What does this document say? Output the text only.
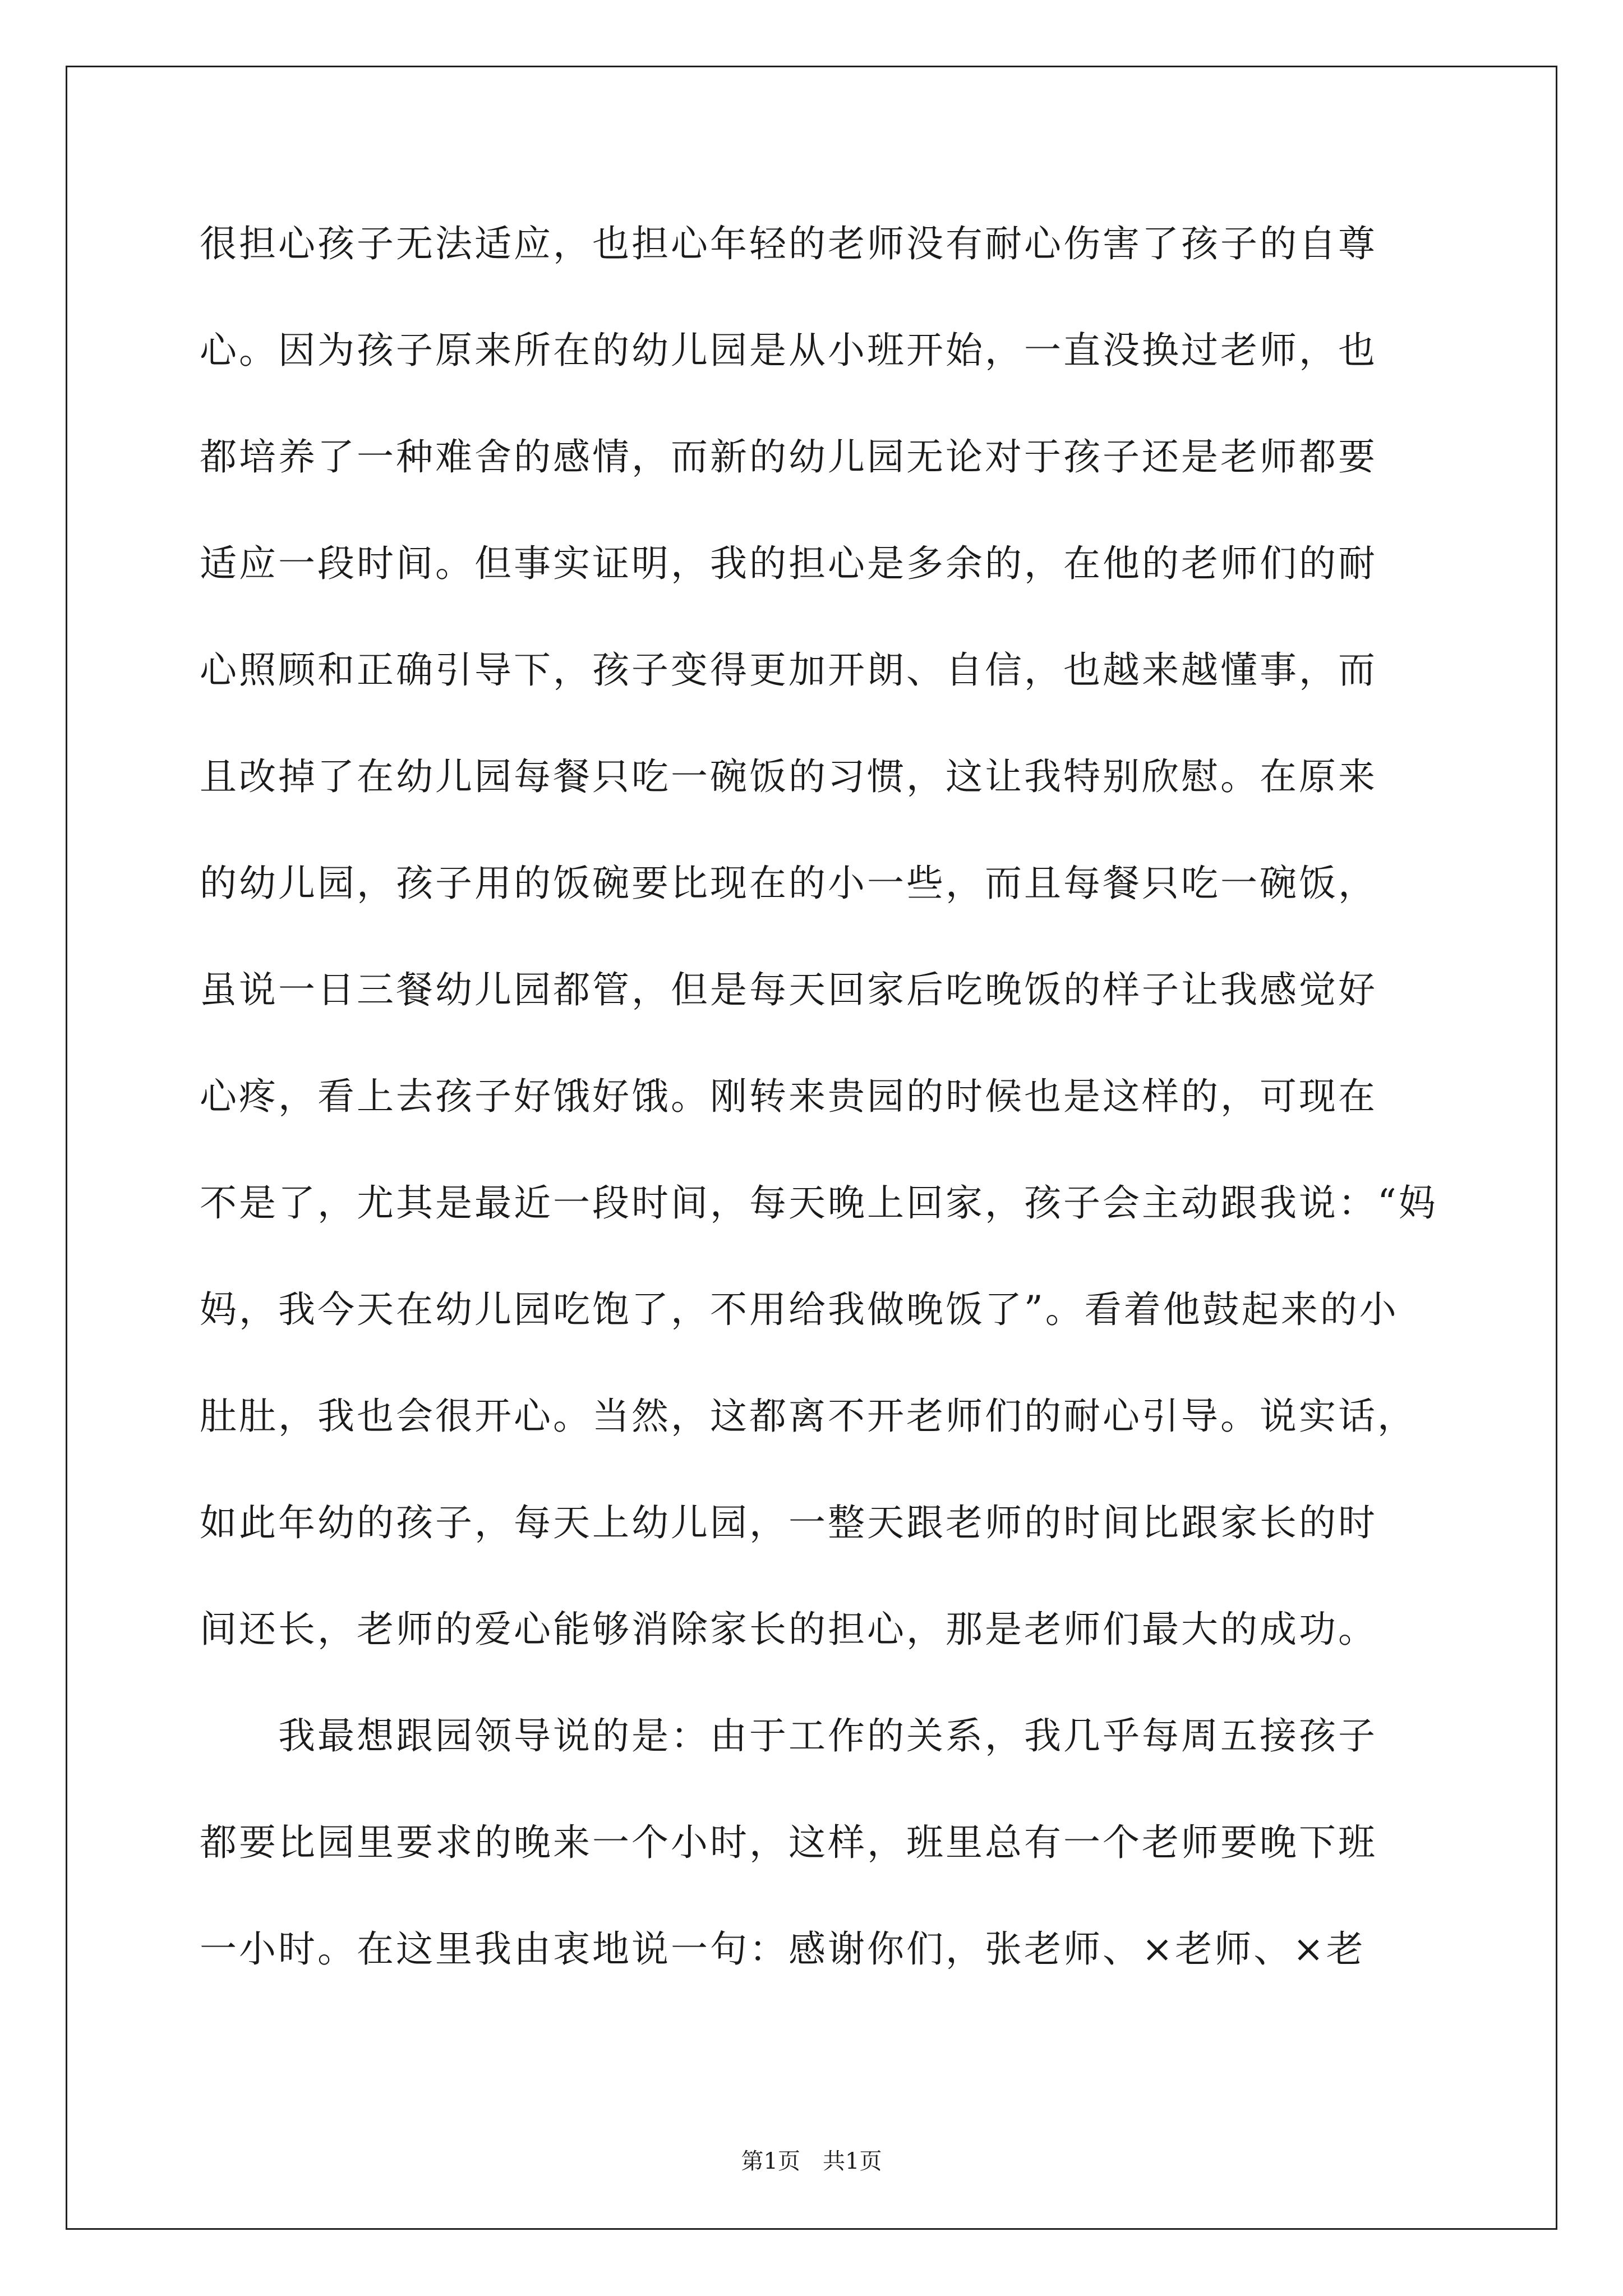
很担心孩子无法适应，也担心年轻的老师没有耐心伤害了孩子的自尊
心。因为孩子原来所在的幼儿园是从小班开始，一直没换过老师，也
都培养了一种难舍的感情，而新的幼儿园无论对于孩子还是老师都要
适应一段时间。但事实证明，我的担心是多余的，在他的老师们的耐
心照顾和正确引导下，孩子变得更加开朗、自信，也越来越懂事，而
且改掉了在幼儿园每餐只吃一碗饭的习惯，这让我特别欣慰。在原来
的幼儿园，孩子用的饭碗要比现在的小一些，而且每餐只吃一碗饭，
虽说一日三餐幼儿园都管，但是每天回家后吃晚饭的样子让我感觉好
心疼，看上去孩子好饿好饿。刚转来贵园的时候也是这样的，可现在
不是了，尤其是最近一段时间，每天晚上回家，孩子会主动跟我说：“妈
妈，我今天在幼儿园吃饱了，不用给我做晚饭了”。看着他鼓起来的小
肚肚，我也会很开心。当然，这都离不开老师们的耐心引导。说实话，
如此年幼的孩子，每天上幼儿园，一整天跟老师的时间比跟家长的时
间还长，老师的爱心能够消除家长的担心，那是老师们最大的成功。
我最想跟园领导说的是：由于工作的关系，我几乎每周五接孩子
都要比园里要求的晚来一个小时，这样，班里总有一个老师要晚下班
一小时。在这里我由衷地说一句：感谢你们，张老师、×老师、×老
第1页　共1页
